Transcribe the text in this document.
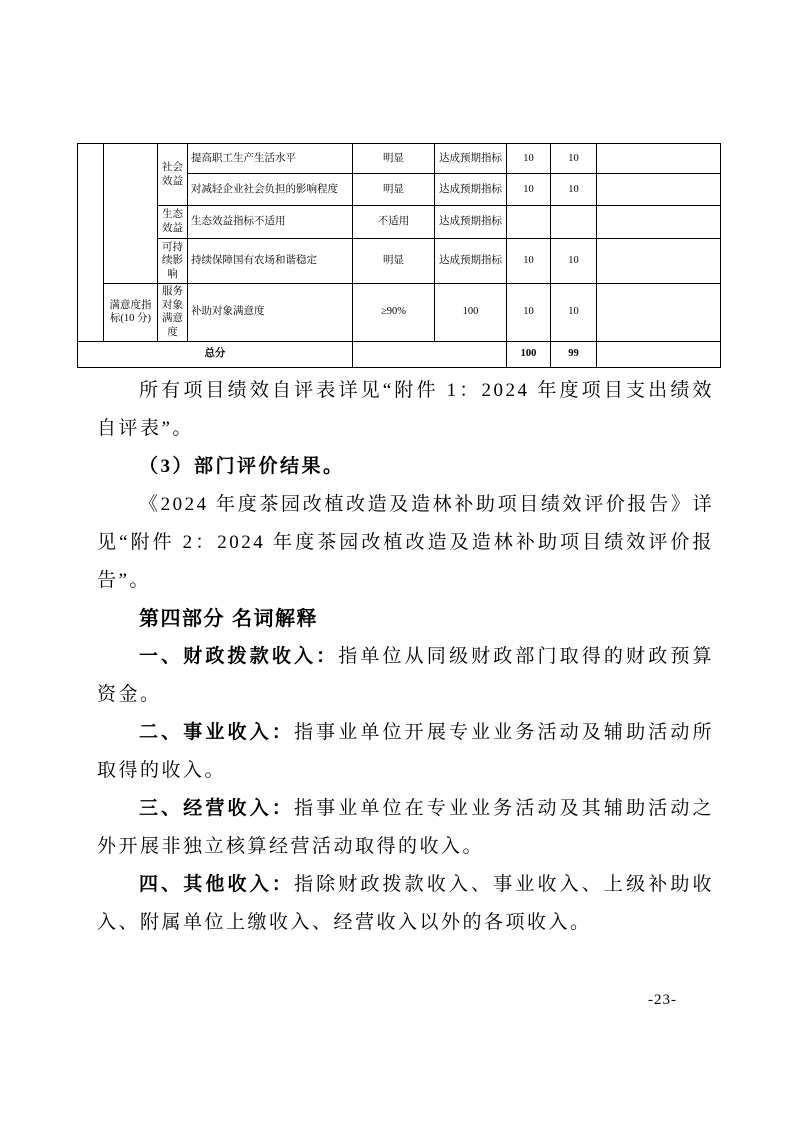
		社会效益	提高职工生产生活水平	明显	达成预期指标	10	10	
			对减轻企业社会负担的影响程度	明显	达成预期指标	10	10	
		生态效益	生态效益指标不适用	不适用	达成预期指标			
		可持续影响	持续保障国有农场和谐稳定	明显	达成预期指标	10	10	
	满意度指标(10 分)	服务对象满意度	补助对象满意度	≥90%	100	10	10	
总分						100	99	

所有项目绩效自评表详见“附件 1：2024 年度项目支出绩效自评表”。

（3）部门评价结果。

《2024 年度茶园改植改造及造林补助项目绩效评价报告》详见“附件 2：2024 年度茶园改植改造及造林补助项目绩效评价报告”。

第四部分 名词解释

一、财政拨款收入：指单位从同级财政部门取得的财政预算资金。

二、事业收入：指事业单位开展专业业务活动及辅助活动所取得的收入。

三、经营收入：指事业单位在专业业务活动及其辅助活动之外开展非独立核算经营活动取得的收入。

四、其他收入：指除财政拨款收入、事业收入、上级补助收入、附属单位上缴收入、经营收入以外的各项收入。

-23-
